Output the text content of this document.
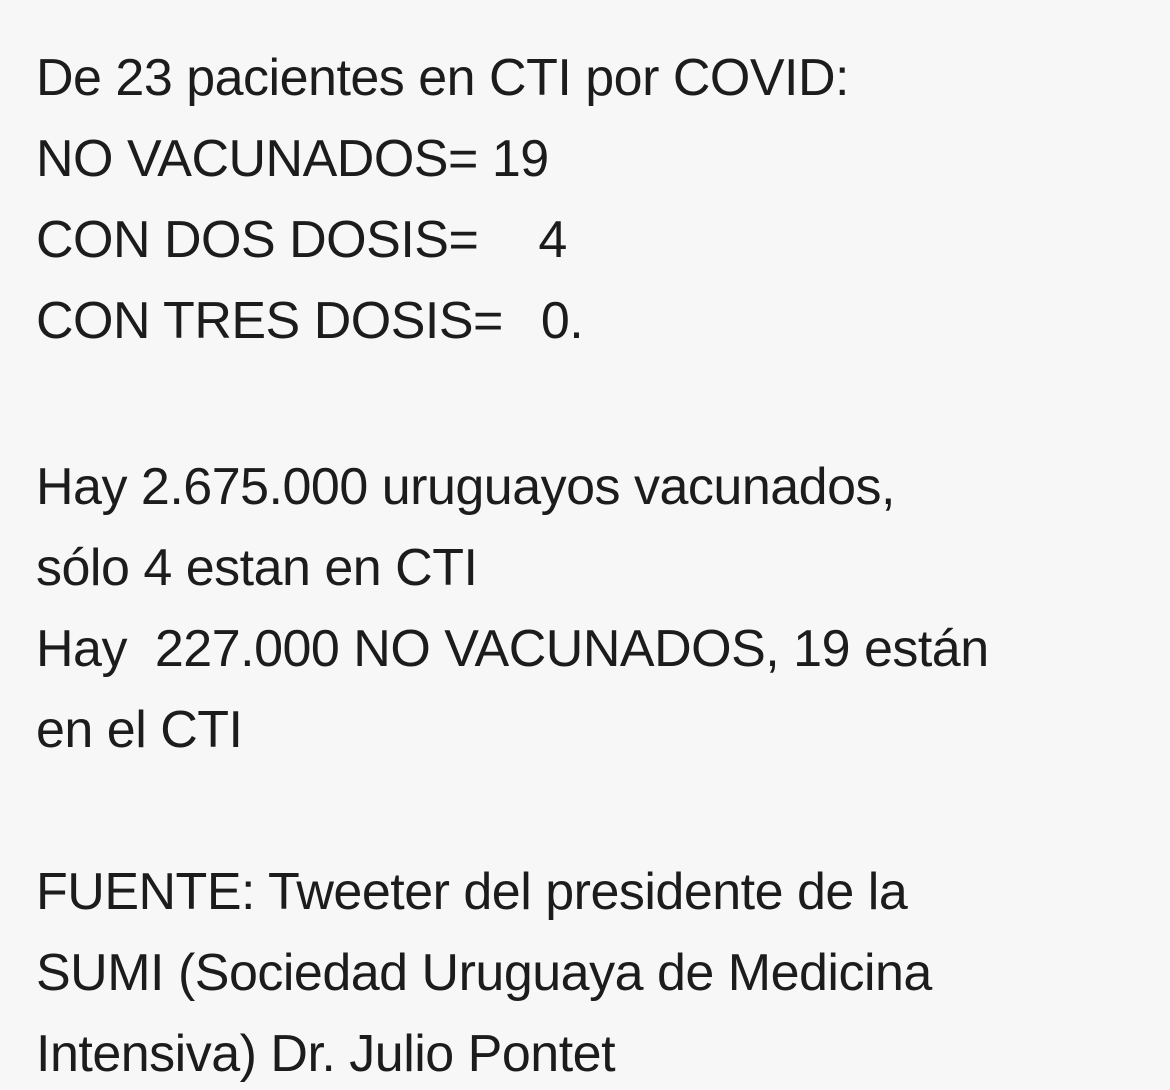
De 23 pacientes en CTI por COVID:
NO VACUNADOS= 19
CON DOS DOSIS= 4
CON TRES DOSIS= 0.
Hay 2.675.000 uruguayos vacunados,
sólo 4 estan en CTI
Hay  227.000 NO VACUNADOS, 19 están
en el CTI
FUENTE: Tweeter del presidente de la
SUMI (Sociedad Uruguaya de Medicina
Intensiva) Dr. Julio Pontet
